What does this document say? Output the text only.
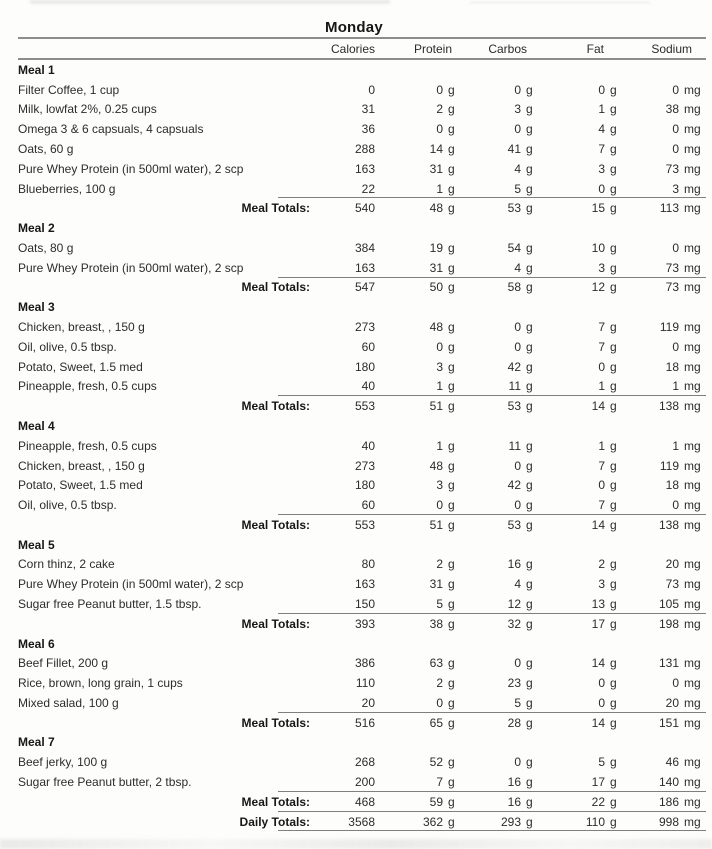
Monday
Calories	Protein	Carbos	Fat	Sodium
Meal 1
Filter Coffee, 1 cup	0	0 g	0 g	0 g	0 mg
Milk, lowfat 2%, 0.25 cups	31	2 g	3 g	1 g	38 mg
Omega 3 & 6 capsuals, 4 capsuals	36	0 g	0 g	4 g	0 mg
Oats, 60 g	288	14 g	41 g	7 g	0 mg
Pure Whey Protein (in 500ml water), 2 scp	163	31 g	4 g	3 g	73 mg
Blueberries, 100 g	22	1 g	5 g	0 g	3 mg
Meal Totals:	540	48 g	53 g	15 g	113 mg
Meal 2
Oats, 80 g	384	19 g	54 g	10 g	0 mg
Pure Whey Protein (in 500ml water), 2 scp	163	31 g	4 g	3 g	73 mg
Meal Totals:	547	50 g	58 g	12 g	73 mg
Meal 3
Chicken, breast, , 150 g	273	48 g	0 g	7 g	119 mg
Oil, olive, 0.5 tbsp.	60	0 g	0 g	7 g	0 mg
Potato, Sweet, 1.5 med	180	3 g	42 g	0 g	18 mg
Pineapple, fresh, 0.5 cups	40	1 g	11 g	1 g	1 mg
Meal Totals:	553	51 g	53 g	14 g	138 mg
Meal 4
Pineapple, fresh, 0.5 cups	40	1 g	11 g	1 g	1 mg
Chicken, breast, , 150 g	273	48 g	0 g	7 g	119 mg
Potato, Sweet, 1.5 med	180	3 g	42 g	0 g	18 mg
Oil, olive, 0.5 tbsp.	60	0 g	0 g	7 g	0 mg
Meal Totals:	553	51 g	53 g	14 g	138 mg
Meal 5
Corn thinz, 2 cake	80	2 g	16 g	2 g	20 mg
Pure Whey Protein (in 500ml water), 2 scp	163	31 g	4 g	3 g	73 mg
Sugar free Peanut butter, 1.5 tbsp.	150	5 g	12 g	13 g	105 mg
Meal Totals:	393	38 g	32 g	17 g	198 mg
Meal 6
Beef Fillet, 200 g	386	63 g	0 g	14 g	131 mg
Rice, brown, long grain, 1 cups	110	2 g	23 g	0 g	0 mg
Mixed salad, 100 g	20	0 g	5 g	0 g	20 mg
Meal Totals:	516	65 g	28 g	14 g	151 mg
Meal 7
Beef jerky, 100 g	268	52 g	0 g	5 g	46 mg
Sugar free Peanut butter, 2 tbsp.	200	7 g	16 g	17 g	140 mg
Meal Totals:	468	59 g	16 g	22 g	186 mg
Daily Totals:	3568	362 g	293 g	110 g	998 mg
